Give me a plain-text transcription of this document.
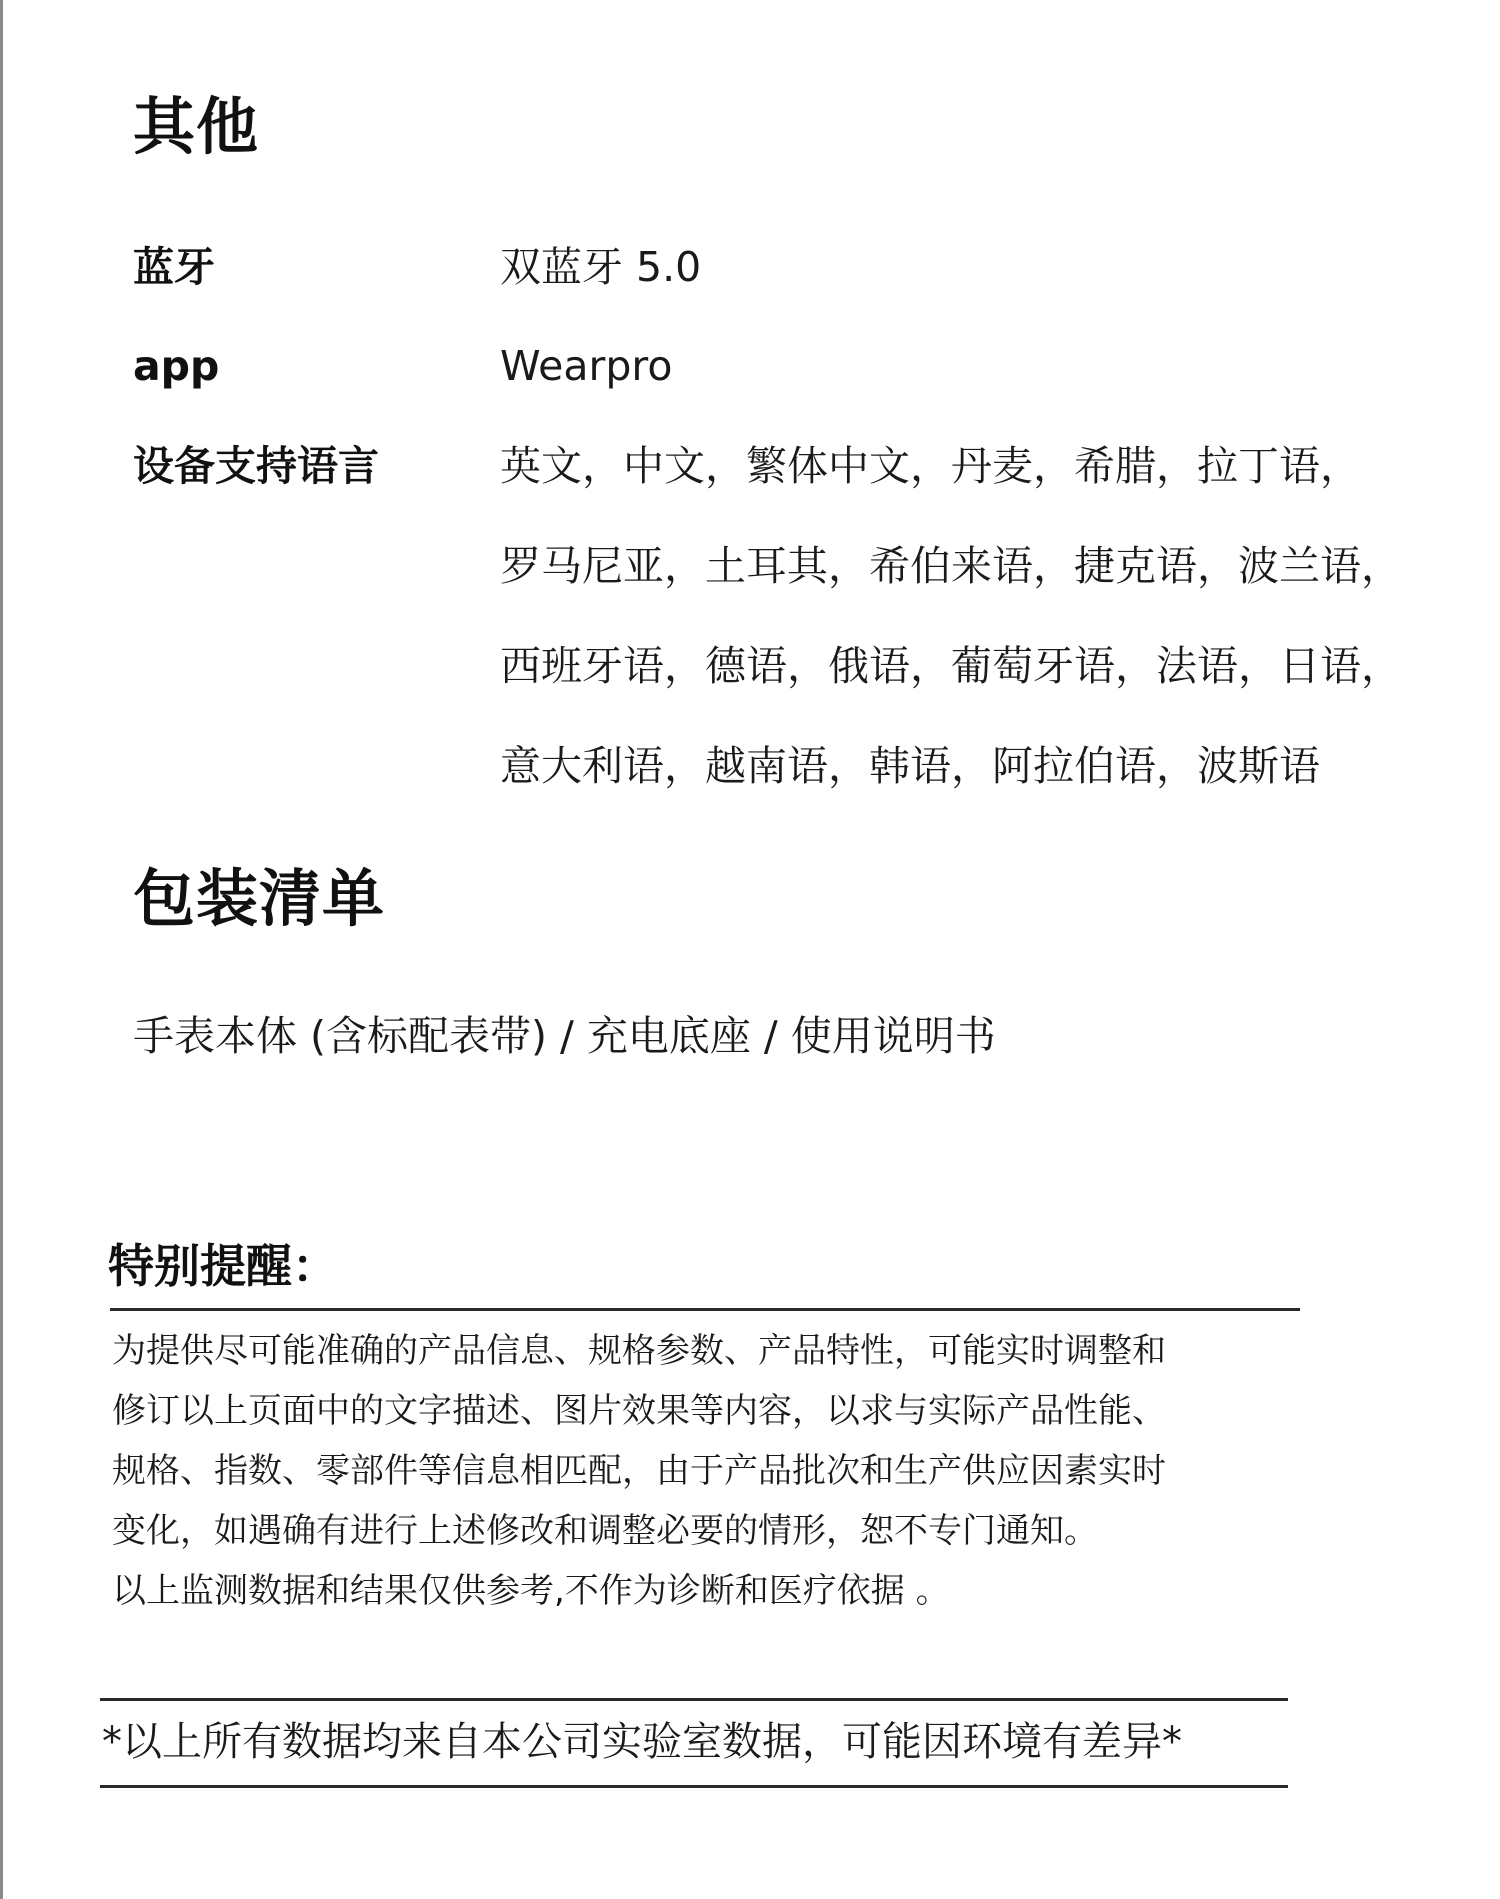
其他
蓝牙	双蓝牙 5.0
app	Wearpro
设备支持语言	英文，中文，繁体中文，丹麦，希腊，拉丁语，
罗马尼亚，土耳其，希伯来语，捷克语，波兰语，
西班牙语，德语，俄语，葡萄牙语，法语，日语，
意大利语，越南语，韩语，阿拉伯语，波斯语
包装清单
手表本体 (含标配表带) / 充电底座 / 使用说明书
特别提醒：
为提供尽可能准确的产品信息、规格参数、产品特性，可能实时调整和
修订以上页面中的文字描述、图片效果等内容，以求与实际产品性能、
规格、指数、零部件等信息相匹配，由于产品批次和生产供应因素实时
变化，如遇确有进行上述修改和调整必要的情形，恕不专门通知。
以上监测数据和结果仅供参考,不作为诊断和医疗依据 。
*以上所有数据均来自本公司实验室数据，可能因环境有差异*
